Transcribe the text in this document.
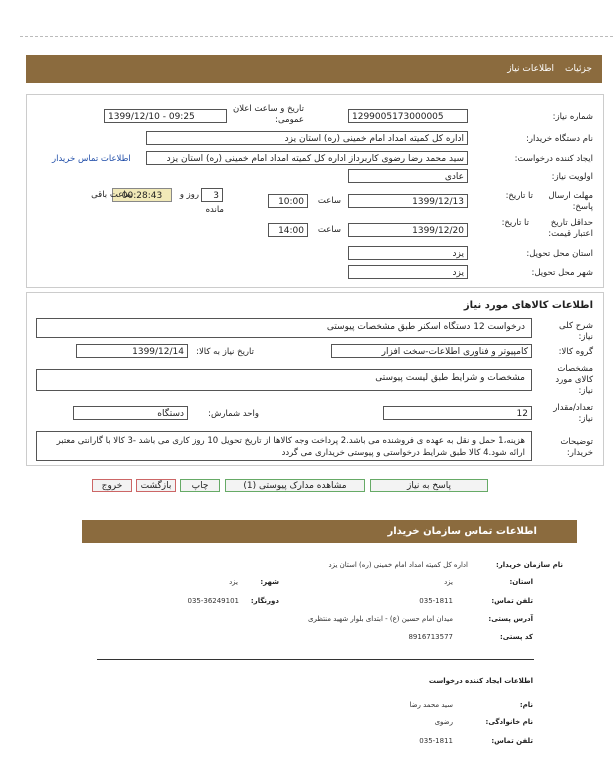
جزئیات
اطلاعات نیاز
شماره نیاز:
1299005173000005
تاریخ و ساعت اعلان عمومی:
1399/12/10 - 09:25
نام دستگاه خریدار:
اداره کل کمیته امداد امام خمینی (ره) استان یزد
ایجاد کننده درخواست:
سید محمد رضا رضوی کاربرداز اداره کل کمیته امداد امام خمینی (ره) استان یزد
اطلاعات تماس خریدار
اولویت نیاز:
عادی
مهلت ارسال پاسخ:
تا تاریخ:
1399/12/13
ساعت
10:00
3
روز و
مانده
00:28:43
ساعت باقی
حداقل تاریخ اعتبار قیمت:
تا تاریخ:
1399/12/20
ساعت
14:00
استان محل تحویل:
یزد
شهر محل تحویل:
یزد
اطلاعات کالاهای مورد نیاز
شرح کلی نیاز:
درخواست 12 دستگاه اسکنر طبق مشخصات پیوستی
گروه کالا:
کامپیوتر و فناوری اطلاعات-سخت افزار
تاریخ نیاز به کالا:
1399/12/14
مشخصات کالای مورد نیاز:
مشخصات و شرایط طبق لیست پیوستی
تعداد/مقدار نیاز:
12
واحد شمارش:
دستگاه
توضیحات خریدار:
هزینه،1 حمل و نقل به عهده ی فروشنده می باشد.2 پرداخت وجه کالاها از تاریخ تحویل 10 روز کاری می باشد -3 کالا با گارانتی معتبر ارائه شود.4 کالا طبق شرایط درخواستی و پیوستی خریداری می گردد
پاسخ به نیاز
مشاهده مدارک پیوستی (1)
چاپ
بازگشت
خروج
اطلاعات تماس سازمان خریدار
نام سازمان خریدار:
اداره کل کمیته امداد امام خمینی (ره) استان یزد
استان:
یزد
شهر:
یزد
تلفن تماس:
035-1811
دورنگار:
035-36249101
آدرس پستی:
میدان امام حسین (ع) - ابتدای بلوار شهید منتظری
کد پستی:
8916713577
اطلاعات ایجاد کننده درخواست
نام:
سید محمد رضا
نام خانوادگی:
رضوی
تلفن تماس:
035-1811
